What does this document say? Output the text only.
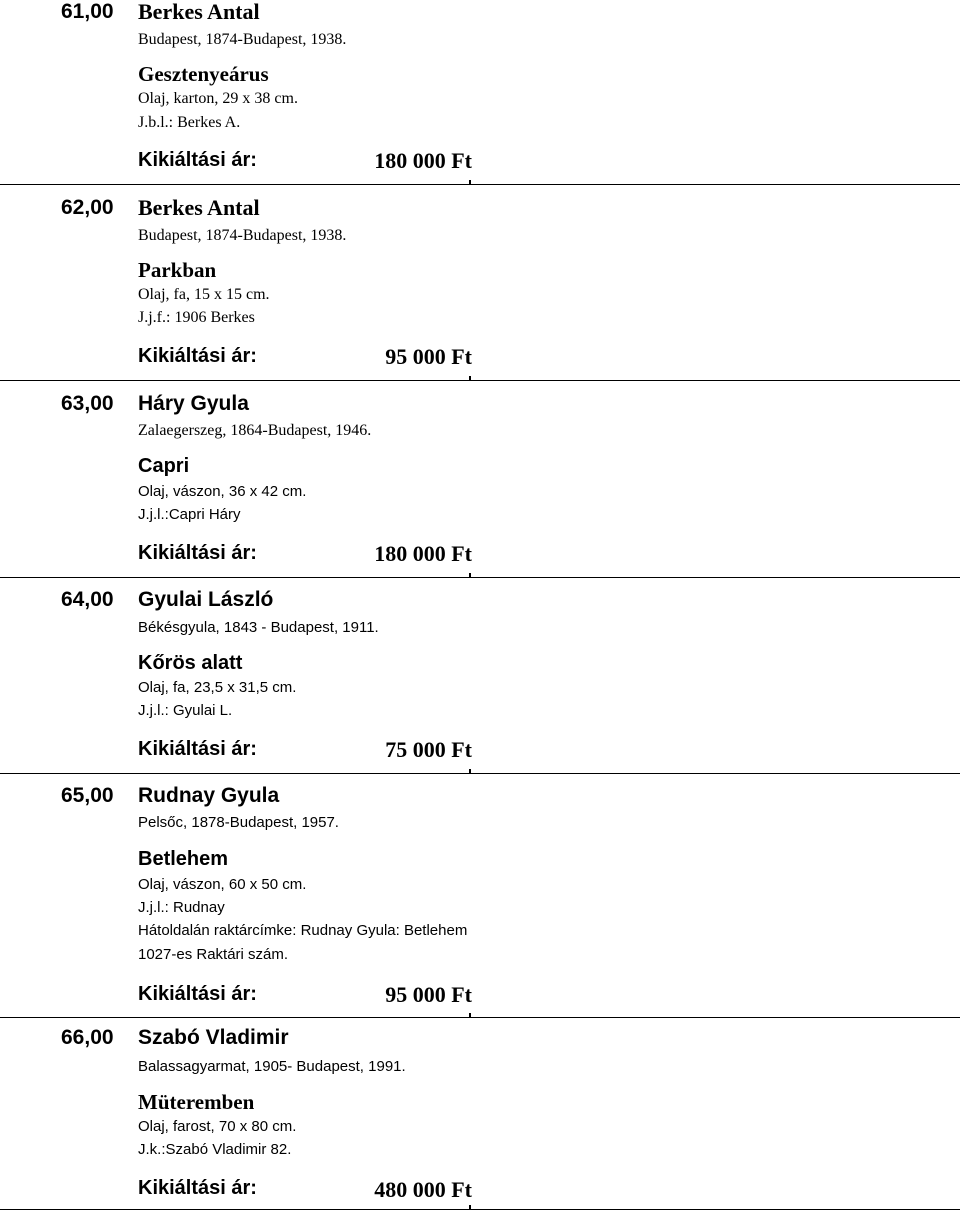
61,00 Berkes Antal
Budapest, 1874-Budapest, 1938.
Gesztenyeárus
Olaj, karton, 29 x 38 cm.
J.b.l.: Berkes A.
Kikiáltási ár:	180 000 Ft
62,00 Berkes Antal
Budapest, 1874-Budapest, 1938.
Parkban
Olaj, fa, 15 x 15 cm.
J.j.f.: 1906 Berkes
Kikiáltási ár:	95 000 Ft
63,00 Háry Gyula
Zalaegerszeg, 1864-Budapest, 1946.
Capri
Olaj, vászon, 36 x 42 cm.
J.j.l.:Capri Háry
Kikiáltási ár:	180 000 Ft
64,00 Gyulai László
Békésgyula, 1843 - Budapest, 1911.
Kőrös alatt
Olaj, fa, 23,5 x 31,5 cm.
J.j.l.: Gyulai L.
Kikiáltási ár:	75 000 Ft
65,00 Rudnay Gyula
Pelsőc, 1878-Budapest, 1957.
Betlehem
Olaj, vászon, 60 x 50 cm.
J.j.l.: Rudnay
Hátoldalán raktárcímke: Rudnay Gyula: Betlehem
1027-es Raktári szám.
Kikiáltási ár:	95 000 Ft
66,00 Szabó Vladimir
Balassagyarmat, 1905- Budapest, 1991.
Müteremben
Olaj, farost, 70 x 80 cm.
J.k.:Szabó Vladimir 82.
Kikiáltási ár:	480 000 Ft
